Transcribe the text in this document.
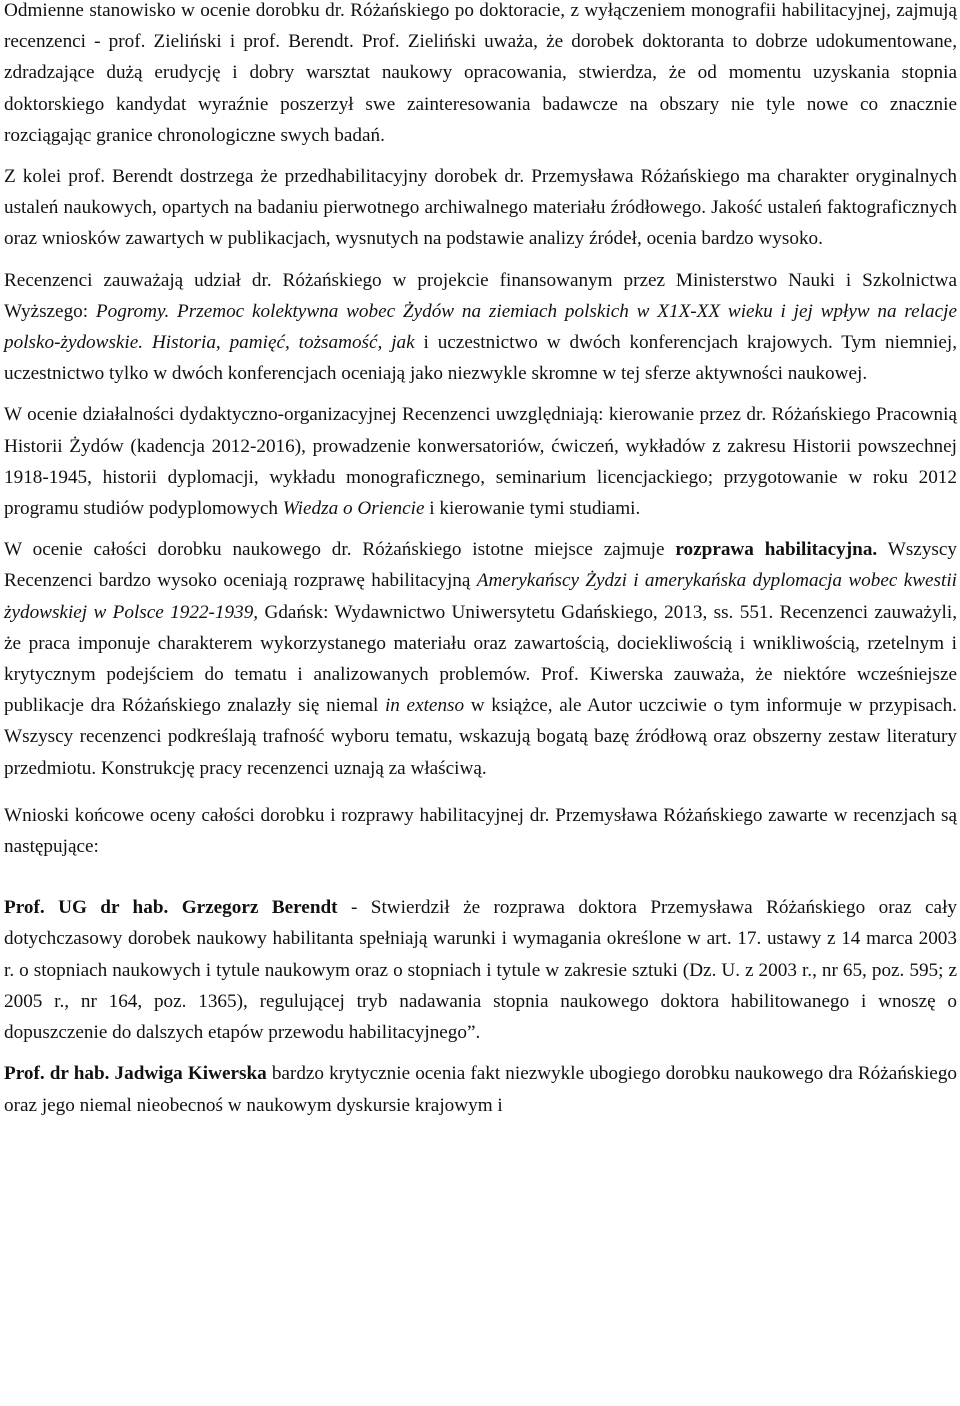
Odmienne stanowisko w ocenie dorobku dr. Różańskiego po doktoracie, z wyłączeniem monografii habilitacyjnej, zajmują recenzenci - prof. Zieliński i prof. Berendt. Prof. Zieliński uważa, że dorobek doktoranta to dobrze udokumentowane, zdradzające dużą erudycję i dobry warsztat naukowy opracowania, stwierdza, że od momentu uzyskania stopnia doktorskiego kandydat wyraźnie poszerzył swe zainteresowania badawcze na obszary nie tyle nowe co znacznie rozciągając granice chronologiczne swych badań.

Z kolei prof. Berendt dostrzega że przedhabilitacyjny dorobek dr. Przemysława Różańskiego ma charakter oryginalnych ustaleń naukowych, opartych na badaniu pierwotnego archiwalnego materiału źródłowego. Jakość ustaleń faktograficznych oraz wniosków zawartych w publikacjach, wysnutych na podstawie analizy źródeł, ocenia bardzo wysoko.

Recenzenci zauważają udział dr. Różańskiego w projekcie finansowanym przez Ministerstwo Nauki i Szkolnictwa Wyższego: Pogromy. Przemoc kolektywna wobec Żydów na ziemiach polskich w X1X-XX wieku i jej wpływ na relacje polsko-żydowskie. Historia, pamięć, tożsamość, jak i uczestnictwo w dwóch konferencjach krajowych. Tym niemniej, uczestnictwo tylko w dwóch konferencjach oceniają jako niezwykle skromne w tej sferze aktywności naukowej.

W ocenie działalności dydaktyczno-organizacyjnej Recenzenci uwzględniają: kierowanie przez dr. Różańskiego Pracownią Historii Żydów (kadencja 2012-2016), prowadzenie konwersatoriów, ćwiczeń, wykładów z zakresu Historii powszechnej 1918-1945, historii dyplomacji, wykładu monograficznego, seminarium licencjackiego; przygotowanie w roku 2012 programu studiów podyplomowych Wiedza o Oriencie i kierowanie tymi studiami.

W ocenie całości dorobku naukowego dr. Różańskiego istotne miejsce zajmuje rozprawa habilitacyjna. Wszyscy Recenzenci bardzo wysoko oceniają rozprawę habilitacyjną Amerykańscy Żydzi i amerykańska dyplomacja wobec kwestii żydowskiej w Polsce 1922-1939, Gdańsk: Wydawnictwo Uniwersytetu Gdańskiego, 2013, ss. 551. Recenzenci zauważyli, że praca imponuje charakterem wykorzystanego materiału oraz zawartością, dociekliwością i wnikliwością, rzetelnym i krytycznym podejściem do tematu i analizowanych problemów. Prof. Kiwerska zauważa, że niektóre wcześniejsze publikacje dra Różańskiego znalazły się niemal in extenso w książce, ale Autor uczciwie o tym informuje w przypisach. Wszyscy recenzenci podkreślają trafność wyboru tematu, wskazują bogatą bazę źródłową oraz obszerny zestaw literatury przedmiotu. Konstrukcję pracy recenzenci uznają za właściwą.

Wnioski końcowe oceny całości dorobku i rozprawy habilitacyjnej dr. Przemysława Różańskiego zawarte w recenzjach są następujące:

Prof. UG dr hab. Grzegorz Berendt - Stwierdził że rozprawa doktora Przemysława Różańskiego oraz cały dotychczasowy dorobek naukowy habilitanta spełniają warunki i wymagania określone w art. 17. ustawy z 14 marca 2003 r. o stopniach naukowych i tytule naukowym oraz o stopniach i tytule w zakresie sztuki (Dz. U. z 2003 r., nr 65, poz. 595; z 2005 r., nr 164, poz. 1365), regulującej tryb nadawania stopnia naukowego doktora habilitowanego i wnoszę o dopuszczenie do dalszych etapów przewodu habilitacyjnego”.

Prof. dr hab. Jadwiga Kiwerska bardzo krytycznie ocenia fakt niezwykle ubogiego dorobku naukowego dra Różańskiego oraz jego niemal nieobecnoś w naukowym dyskursie krajowym i
